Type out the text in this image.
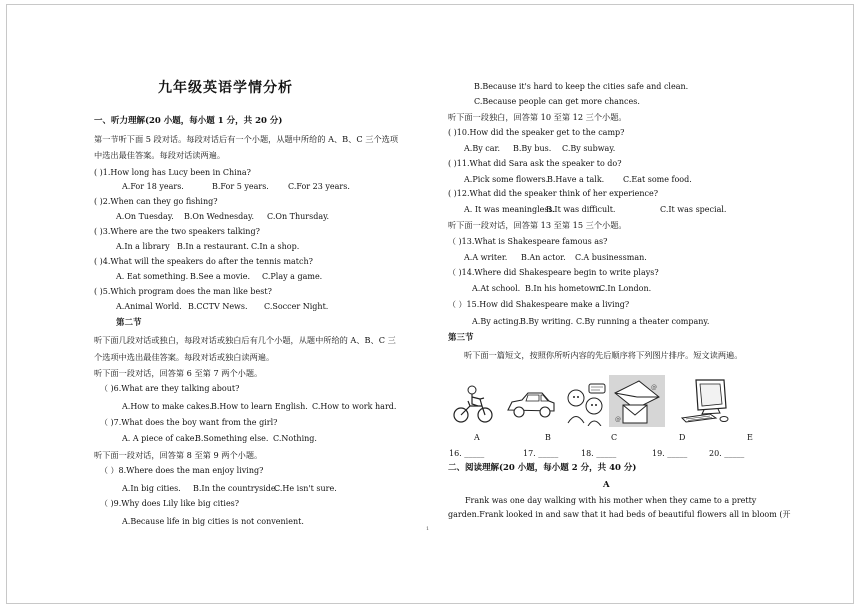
九年级英语学情分析
一、听力理解(20 小题，每小题 1 分，共 20 分)
第一节听下面 5 段对话。每段对话后有一个小题，从题中所给的 A、B、C 三个选项
中选出最佳答案。每段对话读两遍。
( )1.How long has Lucy been in China?
A.For 18 years.	B.For 5 years. C.For 23 years.
( )2.When can they go fishing?
A.On Tuesday. B.On Wednesday. C.On Thursday.
( )3.Where are the two speakers talking?
A.In a library B.In a restaurant. C.In a shop.
( )4.What will the speakers do after the tennis match?
A. Eat something. B.See a movie. C.Play a game.
( )5.Which program does the man like best?
A.Animal World. B.CCTV News. C.Soccer Night.
第二节
听下面几段对话或独白，每段对话或独白后有几个小题，从题中所给的 A、B、C 三
个选项中选出最佳答案。每段对话或独白读两遍。
听下面一段对话，回答第 6 至第 7 两个小题。
（ )6.What are they talking about?
A.How to make cakes.B.How to learn English. C.How to work hard.
（ )7.What does the boy want from the girl?
A. A piece of cake.B.Something else. C.Nothing.
听下面一段对话，回答第 8 至第 9 两个小题。
（ ）8.Where does the man enjoy living?
A.In big cities. B.In the countryside.C.He isn't sure.
（ )9.Why does Lily like big cities?
A.Because life in big cities is not convenient.
1
B.Because it's hard to keep the cities safe and clean.
C.Because people can get more chances.
听下面一段独白，回答第 10 至第 12 三个小题。
( )10.How did the speaker get to the camp?
A.By car. B.By bus. C.By subway.
( )11.What did Sara ask the speaker to do?
A.Pick some flowers.B.Have a talk. C.Eat some food.
( )12.What did the speaker think of her experience?
A. It was meaningless.B.It was difficult.	C.It was special.
听下面一段对话，回答第 13 至第 15 三个小题。
（ )13.What is Shakespeare famous as?
A.A writer. B.An actor. C.A businessman.
（ )14.Where did Shakespeare begin to write plays?
A.At school. B.In his hometown.C.In London.
（ ）15.How did Shakespeare make a living?
A.By acting.B.By writing. C.By running a theater company.
第三节
听下面一篇短文，按照你所听内容的先后顺序将下列图片排序。短文读两遍。
@
@
A	B	C	D	E
16. _____	17. _____	18. _____	19. _____	20. _____
二、阅读理解(20 小题，每小题 2 分，共 40 分)
A
Frank was one day walking with his mother when they came to a pretty
garden.Frank looked in and saw that it had beds of beautiful flowers all in bloom (开
